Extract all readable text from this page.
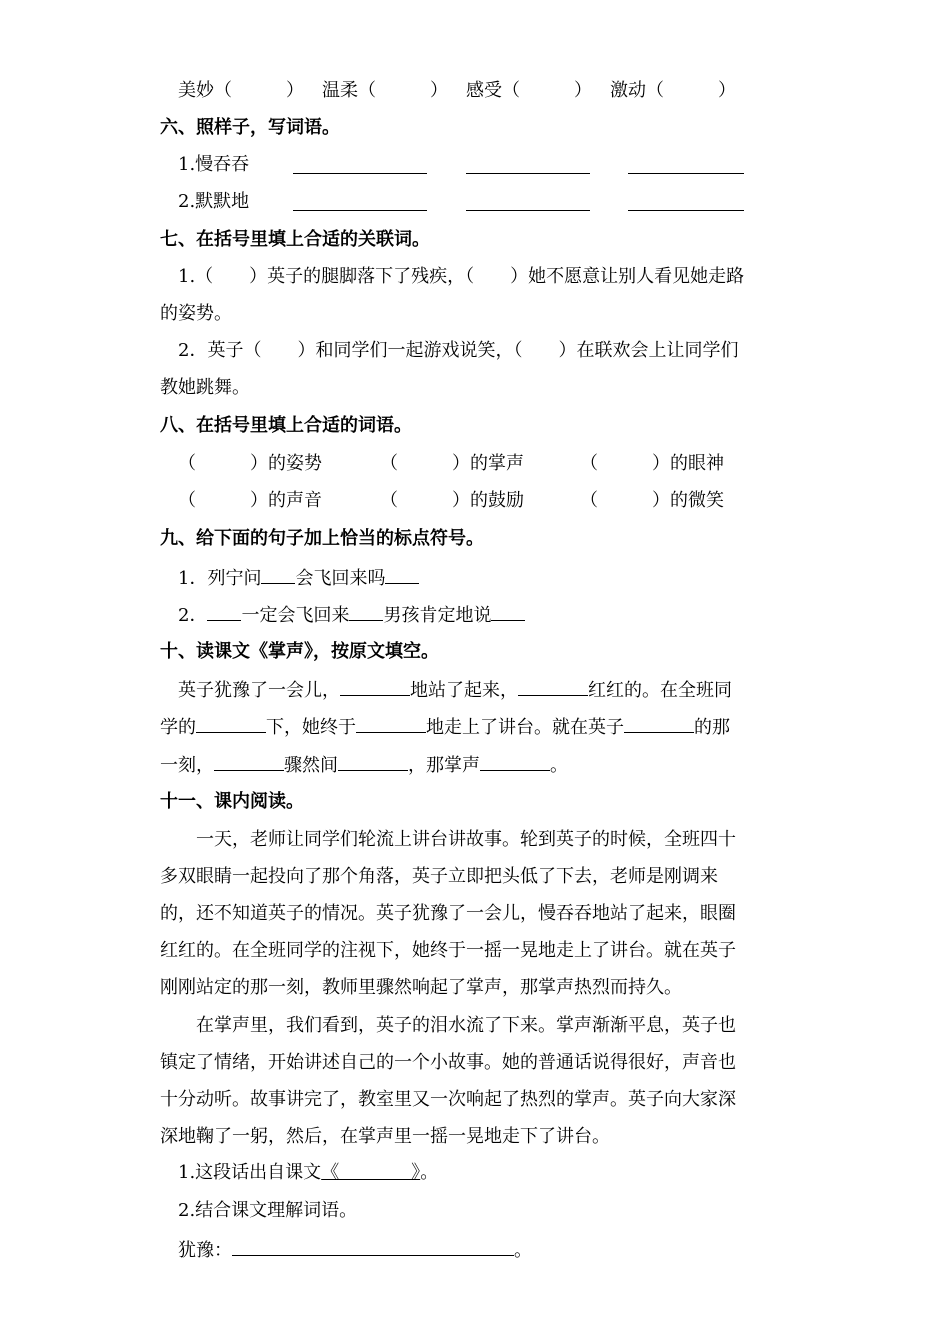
美妙（　　　） 温柔（　　　） 感受（　　　） 激动（　　　）
六、照样子，写词语。
1.慢吞吞
2.默默地
七、在括号里填上合适的关联词。
1.（　　）英子的腿脚落下了残疾，（　　）她不愿意让别人看见她走路
的姿势。
2．英子（　　）和同学们一起游戏说笑，（　　）在联欢会上让同学们
教她跳舞。
八、在括号里填上合适的词语。
（　　　）的姿势	（　　　）的掌声	（　　　）的眼神
（　　　）的声音	（　　　）的鼓励	（　　　）的微笑
九、给下面的句子加上恰当的标点符号。
1．列宁问 会飞回来吗
2． 一定会飞回来 男孩肯定地说
十、读课文《掌声》，按原文填空。
英子犹豫了一会儿，	地站了起来，	红红的。在全班同
学的	下，她终于	地走上了讲台。就在英子	的那
一刻，	骤然间	，那掌声	。
十一、课内阅读。
　　一天，老师让同学们轮流上讲台讲故事。轮到英子的时候，全班四十
多双眼睛一起投向了那个角落，英子立即把头低了下去，老师是刚调来
的，还不知道英子的情况。英子犹豫了一会儿，慢吞吞地站了起来，眼圈
红红的。在全班同学的注视下，她终于一摇一晃地走上了讲台。就在英子
刚刚站定的那一刻，教师里骤然响起了掌声，那掌声热烈而持久。
　　在掌声里，我们看到，英子的泪水流了下来。掌声渐渐平息，英子也
镇定了情绪，开始讲述自己的一个小故事。她的普通话说得很好，声音也
十分动听。故事讲完了，教室里又一次响起了热烈的掌声。英子向大家深
深地鞠了一躬，然后，在掌声里一摇一晃地走下了讲台。
1.这段话出自课文《　　　　》。
2.结合课文理解词语。
犹豫：	。
